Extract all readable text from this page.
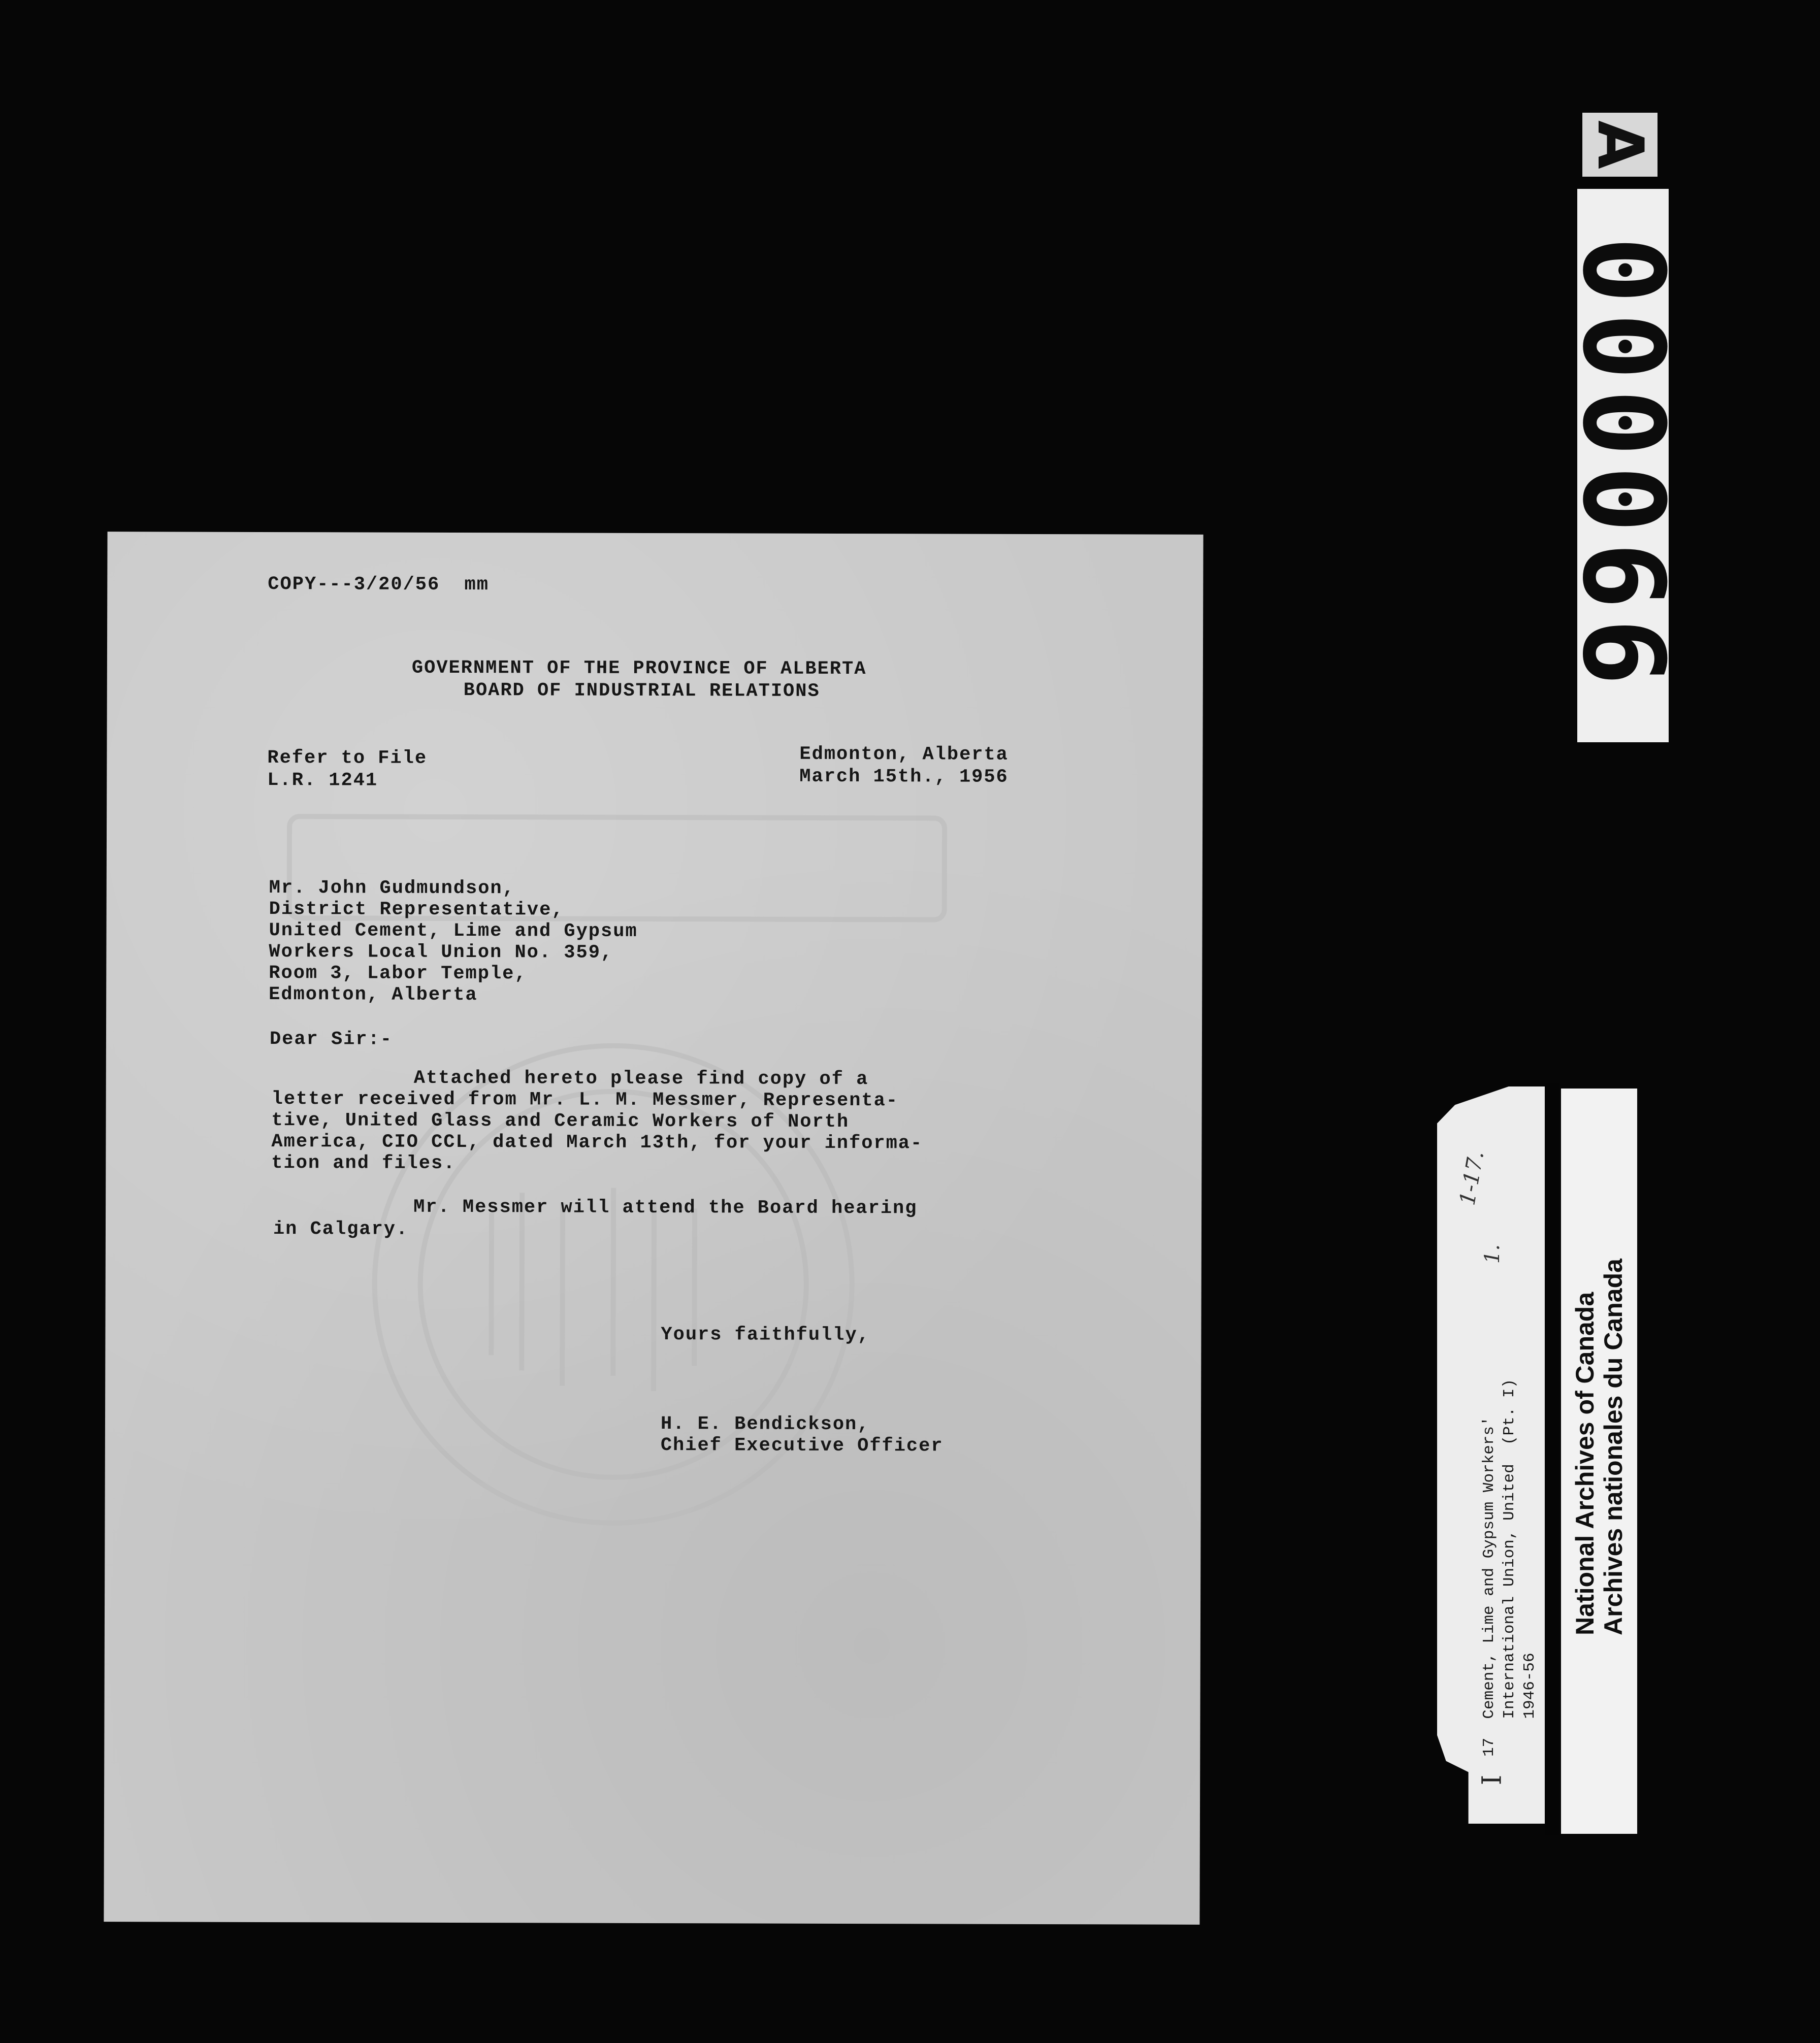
COPY---3/20/56  mm
GOVERNMENT OF THE PROVINCE OF ALBERTA
BOARD OF INDUSTRIAL RELATIONS
Refer to File
L.R. 1241
Edmonton, Alberta
March 15th., 1956
Mr. John Gudmundson,
District Representative,
United Cement, Lime and Gypsum
Workers Local Union No. 359,
Room 3, Labor Temple,
Edmonton, Alberta
Dear Sir:-
Attached hereto please find copy of a
letter received from Mr. L. M. Messmer, Representa-
tive, United Glass and Ceramic Workers of North
America, CIO CCL, dated March 13th, for your informa-
tion and files.
Mr. Messmer will attend the Board hearing
in Calgary.
Yours faithfully,
H. E. Bendickson,
Chief Executive Officer
A
000066
1-17.
1.
17  Cement, Lime and Gypsum Workers'
International Union, United  (Pt. I)
1946-56
I
National Archives of Canada Archives nationales du Canada
